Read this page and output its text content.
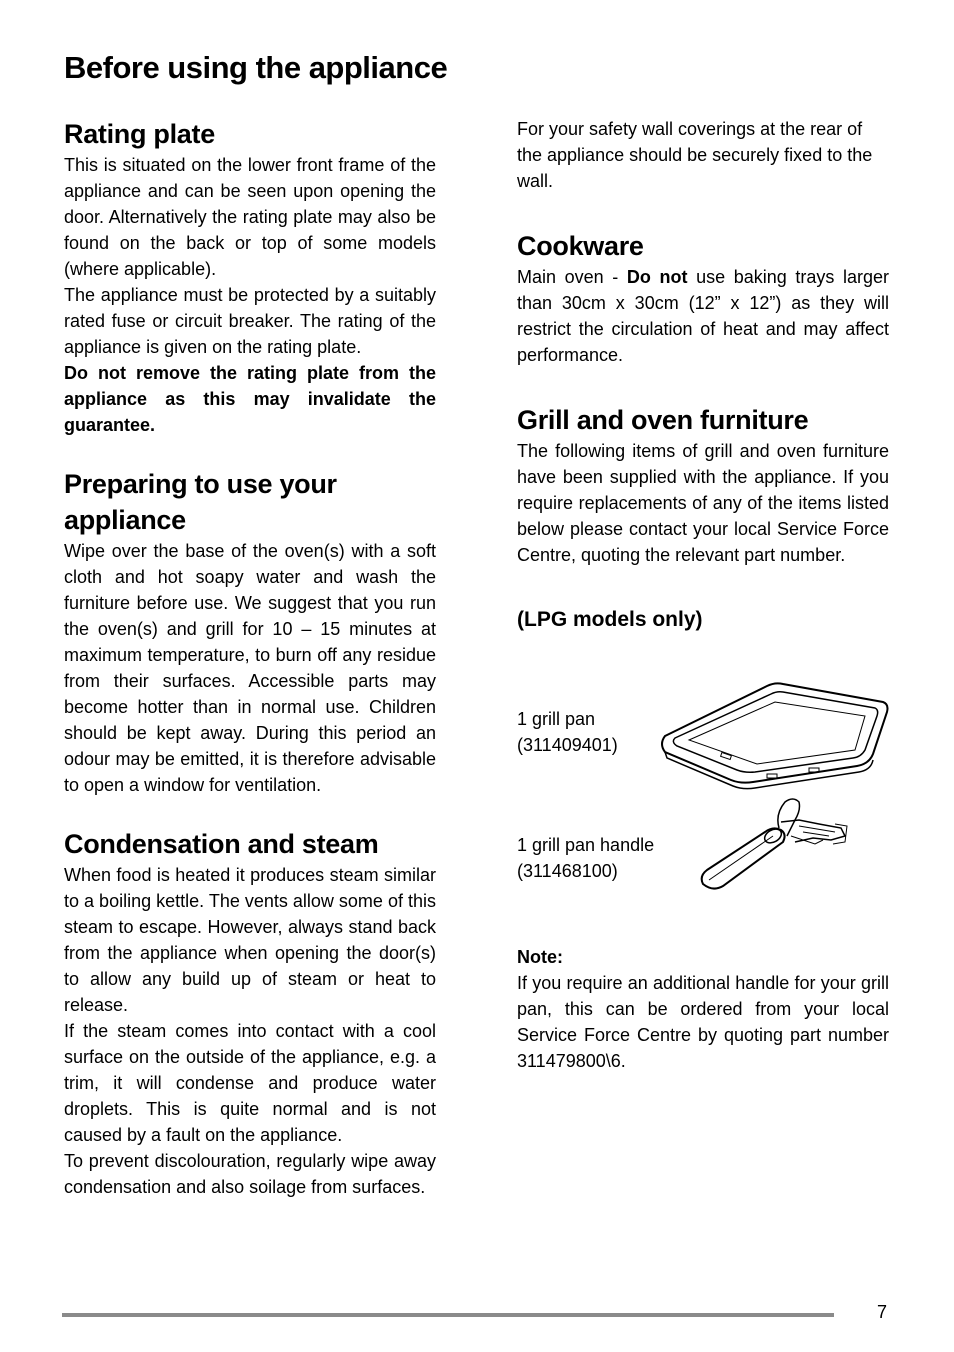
Before using the appliance
Rating plate

This is situated on the lower front frame of the appliance and can be seen upon opening the door. Alternatively the rating plate may also be found on the back or top of some models (where applicable).

The appliance must be protected by a suitably rated fuse or circuit breaker. The rating of the appliance is given on the rating plate.

Do not remove the rating plate from the appliance as this may invalidate the guarantee.

Preparing to use your appliance

Wipe over the base of the oven(s) with a soft cloth and hot soapy water and wash the furniture before use. We suggest that you run the oven(s) and grill for 10 – 15 minutes at maximum temperature, to burn off any residue from their surfaces. Accessible parts may become hotter than in normal use. Children should be kept away. During this period an odour may be emitted, it is therefore advisable to open a window for ventilation.

Condensation and steam

When food is heated it produces steam similar to a boiling kettle. The vents allow some of this steam to escape. However, always stand back from the appliance when opening the door(s) to allow any build up of steam or heat to release.

If the steam comes into contact with a cool surface on the outside of the appliance, e.g. a trim, it will condense and produce water droplets. This is quite normal and is not caused by a fault on the appliance.

To prevent discolouration, regularly wipe away condensation and also soilage from surfaces.

For your safety wall coverings at the rear of the appliance should be securely fixed to the wall.

Cookware

Main oven - Do not use baking trays larger than 30cm x 30cm (12” x 12”) as they will restrict the circulation of heat and may affect performance.

Grill and oven furniture

The following items of grill and oven furniture have been supplied with the appliance. If you require replacements of any of the items listed below please contact your local Service Force Centre, quoting the relevant part number.

(LPG models only)
1 grill pan
(311409401)
1 grill pan handle
(311468100)
Note:

If you require an additional handle for your grill pan, this can be ordered from your local Service Force Centre by quoting part number 311479800\6.

7
